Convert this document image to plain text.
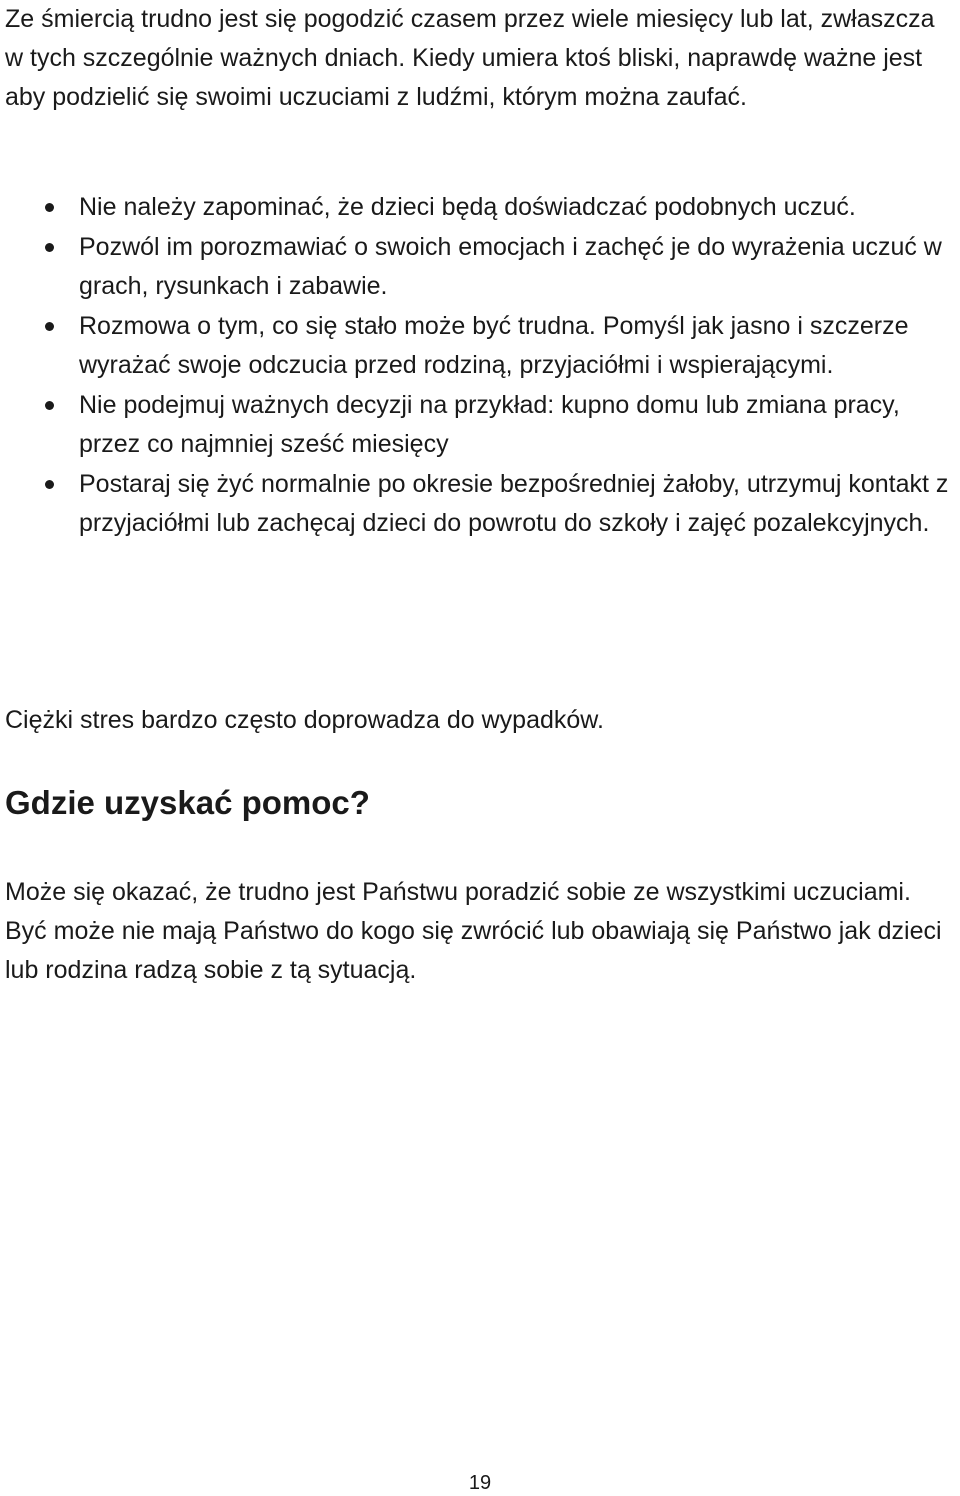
Ze śmiercią trudno jest się pogodzić czasem przez wiele miesięcy lub lat, zwłaszcza w tych szczególnie ważnych dniach. Kiedy umiera ktoś bliski, naprawdę ważne jest aby podzielić się swoimi uczuciami z ludźmi, którym można zaufać.

Nie należy zapominać, że dzieci będą doświadczać podobnych uczuć.
Pozwól im porozmawiać o swoich emocjach i zachęć je do wyrażenia uczuć w grach, rysunkach i zabawie.
Rozmowa o tym, co się stało może być trudna. Pomyśl jak jasno i szczerze wyrażać swoje odczucia przed rodziną, przyjaciółmi i wspierającymi.
Nie podejmuj ważnych decyzji na przykład: kupno domu lub zmiana pracy, przez co najmniej sześć miesięcy
Postaraj się żyć normalnie po okresie bezpośredniej żałoby, utrzymuj kontakt z przyjaciółmi lub zachęcaj dzieci do powrotu do szkoły i zajęć pozalekcyjnych.

Ciężki stres bardzo często doprowadza do wypadków.

Gdzie uzyskać pomoc?

Może się okazać, że trudno jest Państwu poradzić sobie ze wszystkimi uczuciami. Być może nie mają Państwo do kogo się zwrócić lub obawiają się Państwo jak dzieci lub rodzina radzą sobie z tą sytuacją.

19
